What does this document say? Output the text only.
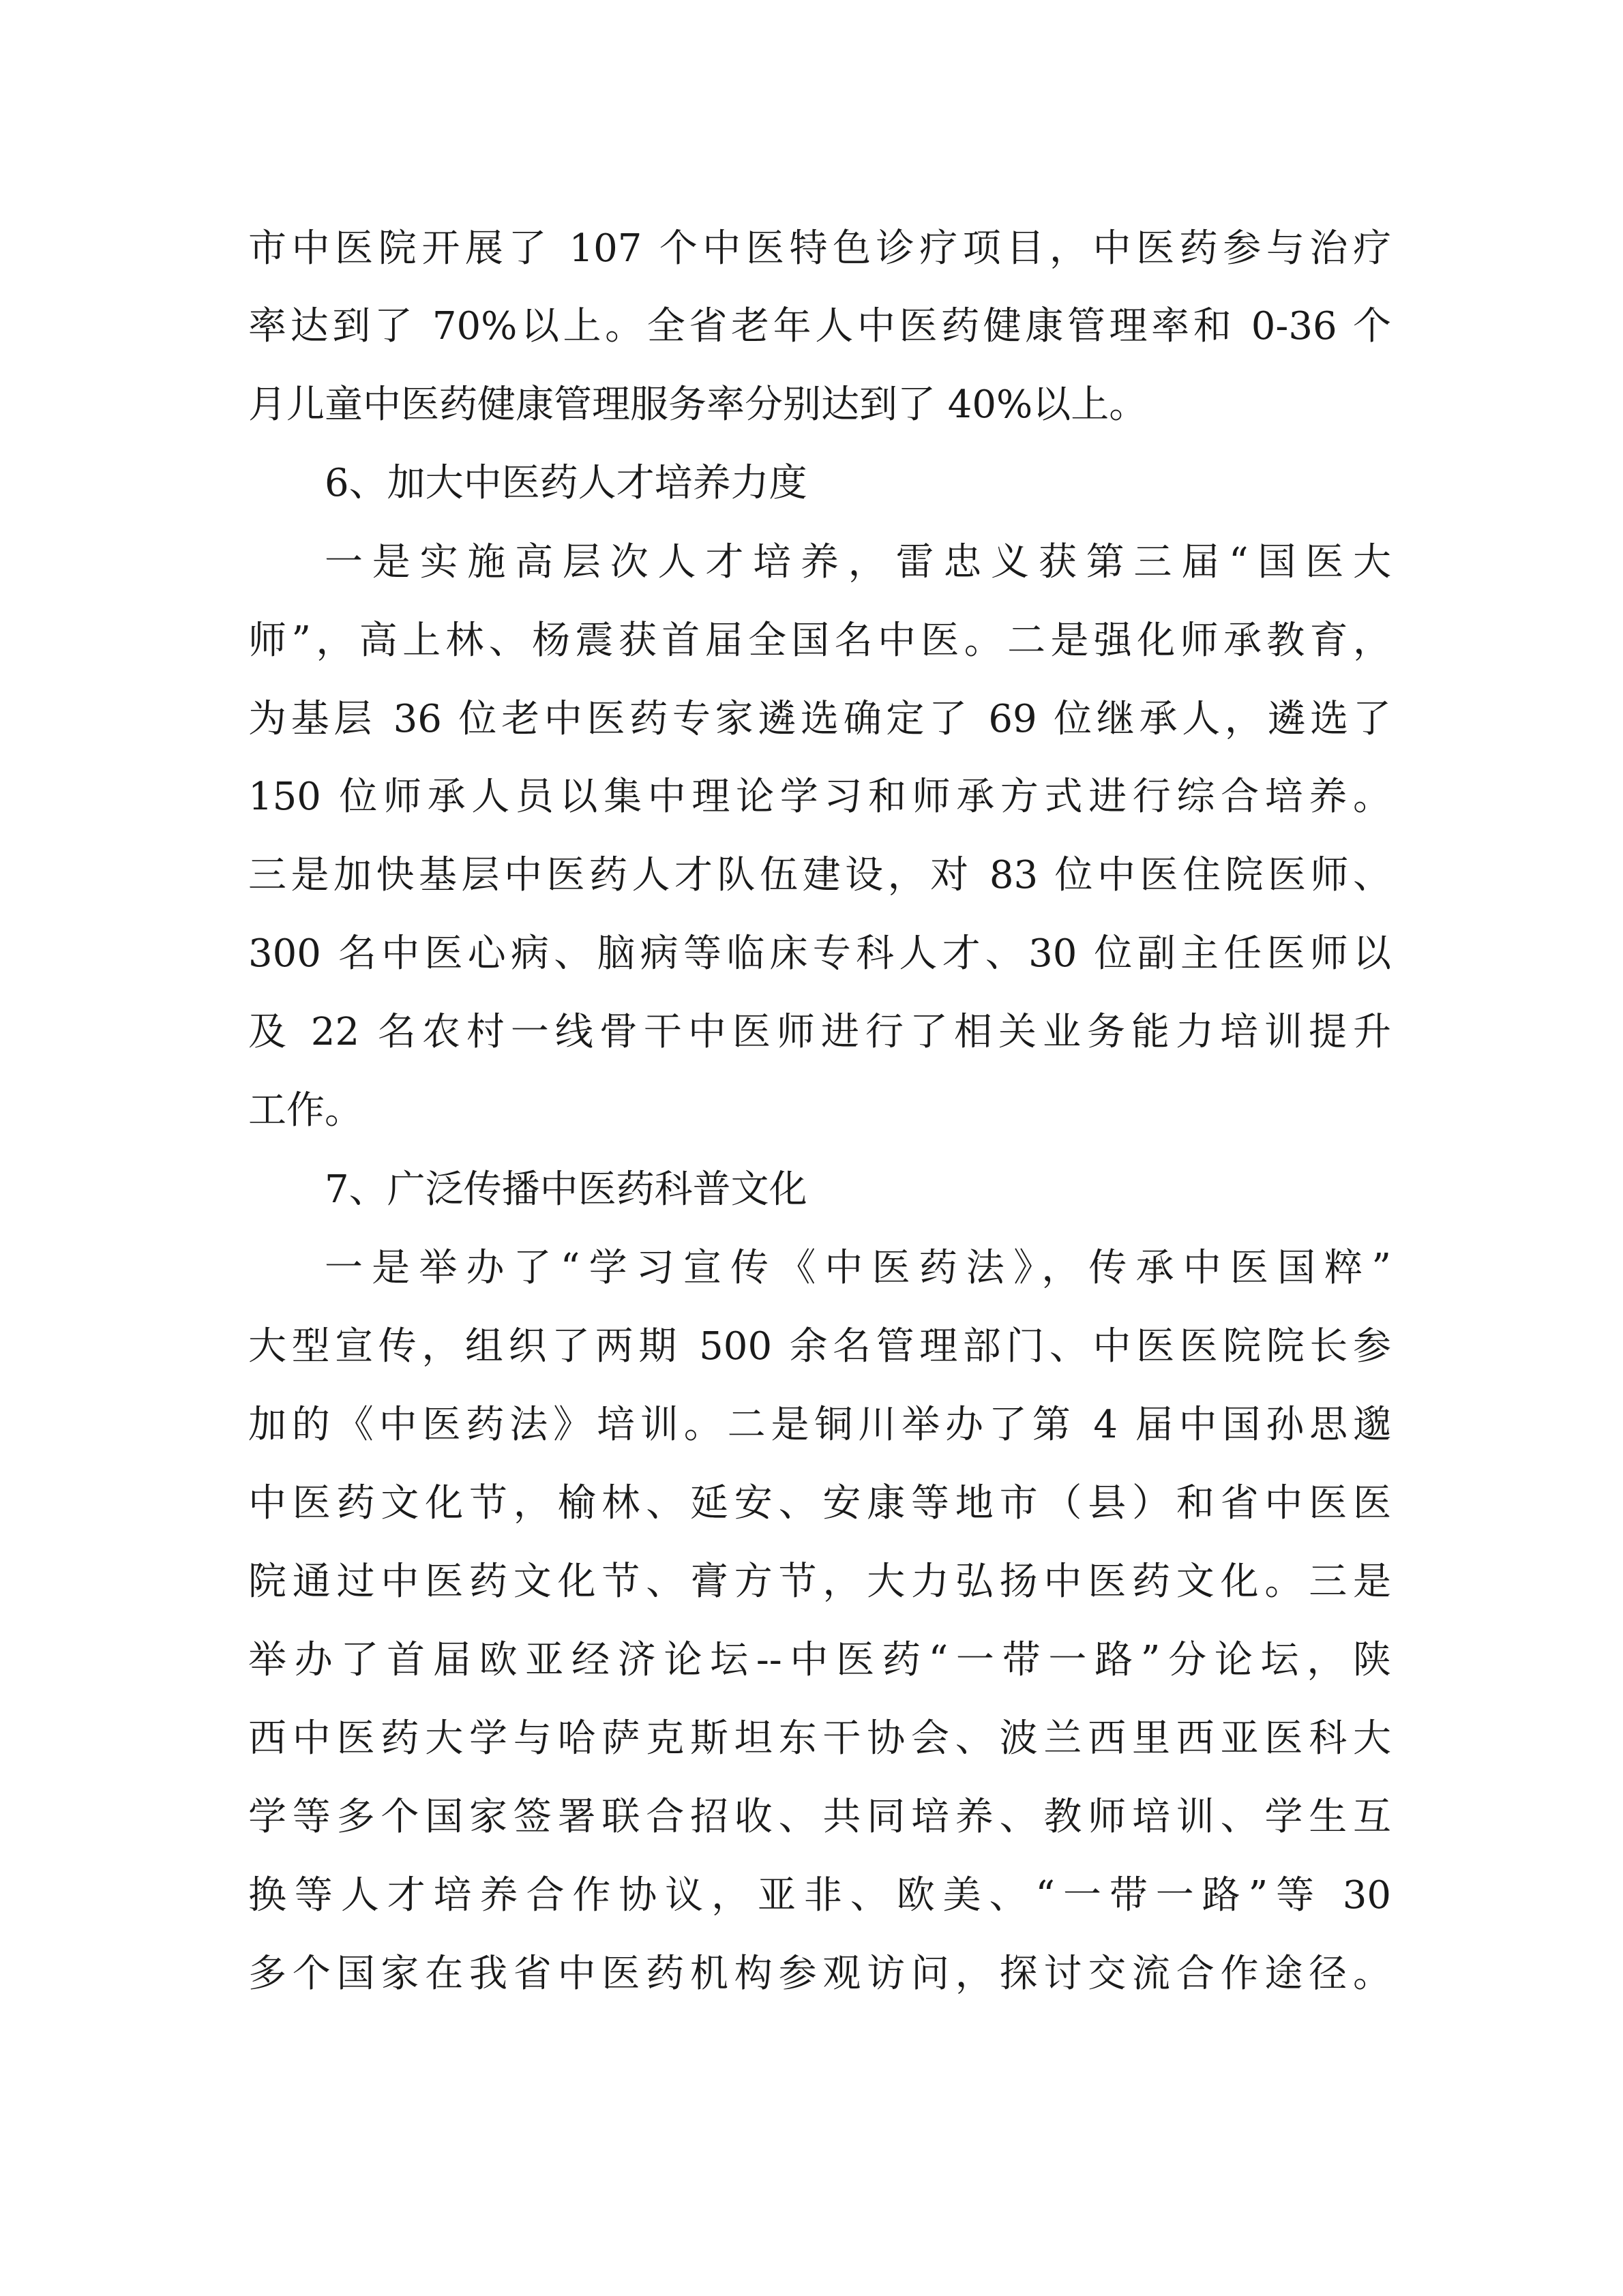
市中医院开展了 107 个中医特色诊疗项目，中医药参与治疗
率达到了 70%以上。全省老年人中医药健康管理率和 0-36 个
月儿童中医药健康管理服务率分别达到了 40%以上。
6、加大中医药人才培养力度
一是实施高层次人才培养，雷忠义获第三届“国医大
师”，高上林、杨震获首届全国名中医。二是强化师承教育，
为基层 36 位老中医药专家遴选确定了 69 位继承人，遴选了
150 位师承人员以集中理论学习和师承方式进行综合培养。
三是加快基层中医药人才队伍建设，对 83 位中医住院医师、
300 名中医心病、脑病等临床专科人才、30 位副主任医师以
及 22 名农村一线骨干中医师进行了相关业务能力培训提升
工作。
7、广泛传播中医药科普文化
一是举办了“学习宣传《中医药法》，传承中医国粹”
大型宣传，组织了两期 500 余名管理部门、中医医院院长参
加的《中医药法》培训。二是铜川举办了第 4 届中国孙思邈
中医药文化节，榆林、延安、安康等地市（县）和省中医医
院通过中医药文化节、膏方节，大力弘扬中医药文化。三是
举办了首届欧亚经济论坛--中医药“一带一路”分论坛，陕
西中医药大学与哈萨克斯坦东干协会、波兰西里西亚医科大
学等多个国家签署联合招收、共同培养、教师培训、学生互
换等人才培养合作协议，亚非、欧美、“一带一路”等 30
多个国家在我省中医药机构参观访问，探讨交流合作途径。
